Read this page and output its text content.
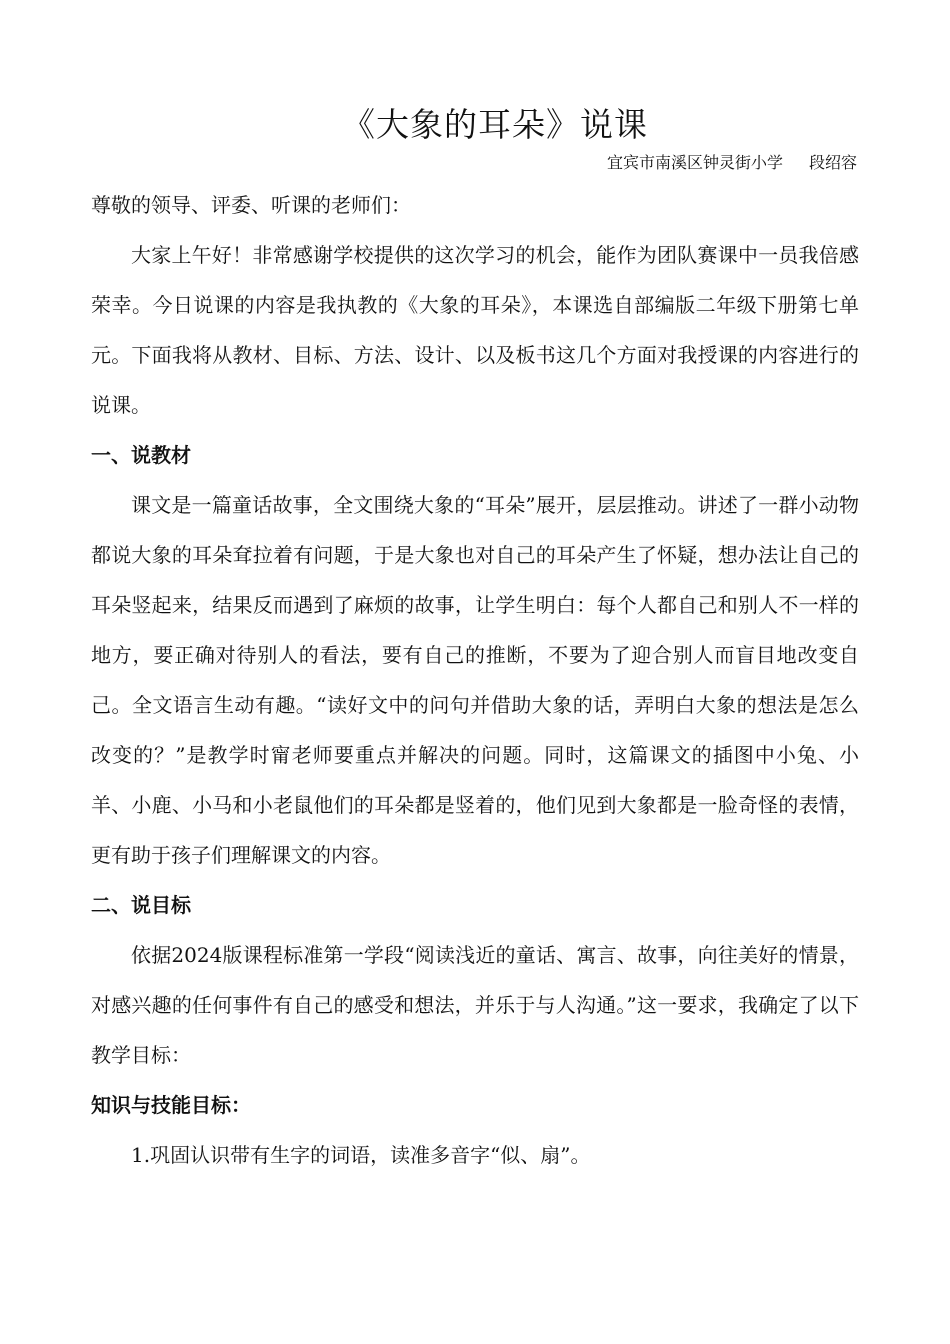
《大象的耳朵》说课
宜宾市南溪区钟灵街小学 段绍容

尊敬的领导、评委、听课的老师们：

大家上午好！非常感谢学校提供的这次学习的机会，能作为团队赛课中一员我倍感荣幸。今日说课的内容是我执教的《大象的耳朵》，本课选自部编版二年级下册第七单元。下面我将从教材、目标、方法、设计、以及板书这几个方面对我授课的内容进行的说课。

一、说教材

课文是一篇童话故事，全文围绕大象的“耳朵”展开，层层推动。讲述了一群小动物都说大象的耳朵耷拉着有问题，于是大象也对自己的耳朵产生了怀疑，想办法让自己的耳朵竖起来，结果反而遇到了麻烦的故事，让学生明白：每个人都自己和别人不一样的地方，要正确对待别人的看法，要有自己的推断，不要为了迎合别人而盲目地改变自己。全文语言生动有趣。“读好文中的问句并借助大象的话，弄明白大象的想法是怎么改变的？”是教学时甯老师要重点并解决的问题。同时，这篇课文的插图中小兔、小羊、小鹿、小马和小老鼠他们的耳朵都是竖着的，他们见到大象都是一脸奇怪的表情，更有助于孩子们理解课文的内容。

二、说目标

依据2024版课程标准第一学段“阅读浅近的童话、寓言、故事，向往美好的情景，对感兴趣的任何事件有自己的感受和想法，并乐于与人沟通。”这一要求，我确定了以下教学目标：

知识与技能目标：

1.巩固认识带有生字的词语，读准多音字“似、扇”。
